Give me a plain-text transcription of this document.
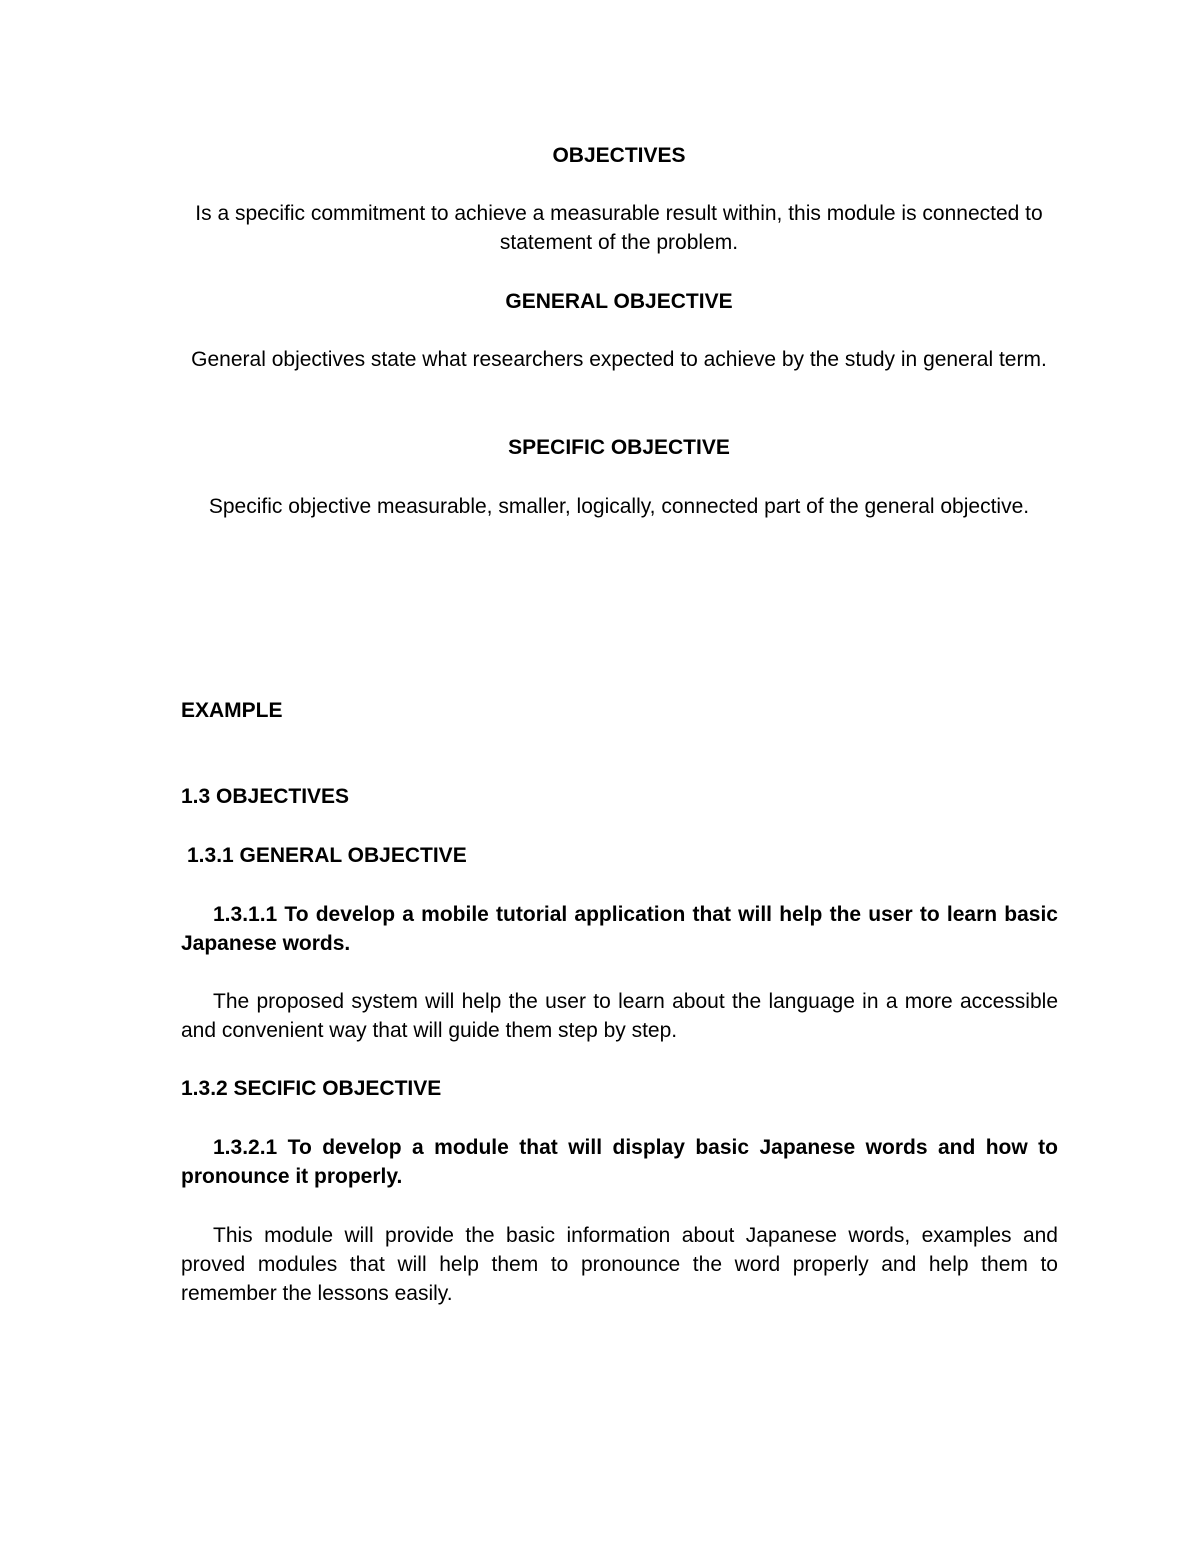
OBJECTIVES

Is a specific commitment to achieve a measurable result within, this module is connected to statement of the problem.

GENERAL OBJECTIVE

General objectives state what researchers expected to achieve by the study in general term.

SPECIFIC OBJECTIVE

Specific objective measurable, smaller, logically, connected part of the general objective.

EXAMPLE
1.3 OBJECTIVES
1.3.1 GENERAL OBJECTIVE

1.3.1.1 To develop a mobile tutorial application that will help the user to learn basic Japanese words.

The proposed system will help the user to learn about the language in a more accessible and convenient way that will guide them step by step.

1.3.2 SECIFIC OBJECTIVE

1.3.2.1 To develop a module that will display basic Japanese words and how to pronounce it properly.

This module will provide the basic information about Japanese words, examples and proved modules that will help them to pronounce the word properly and help them to remember the lessons easily.
